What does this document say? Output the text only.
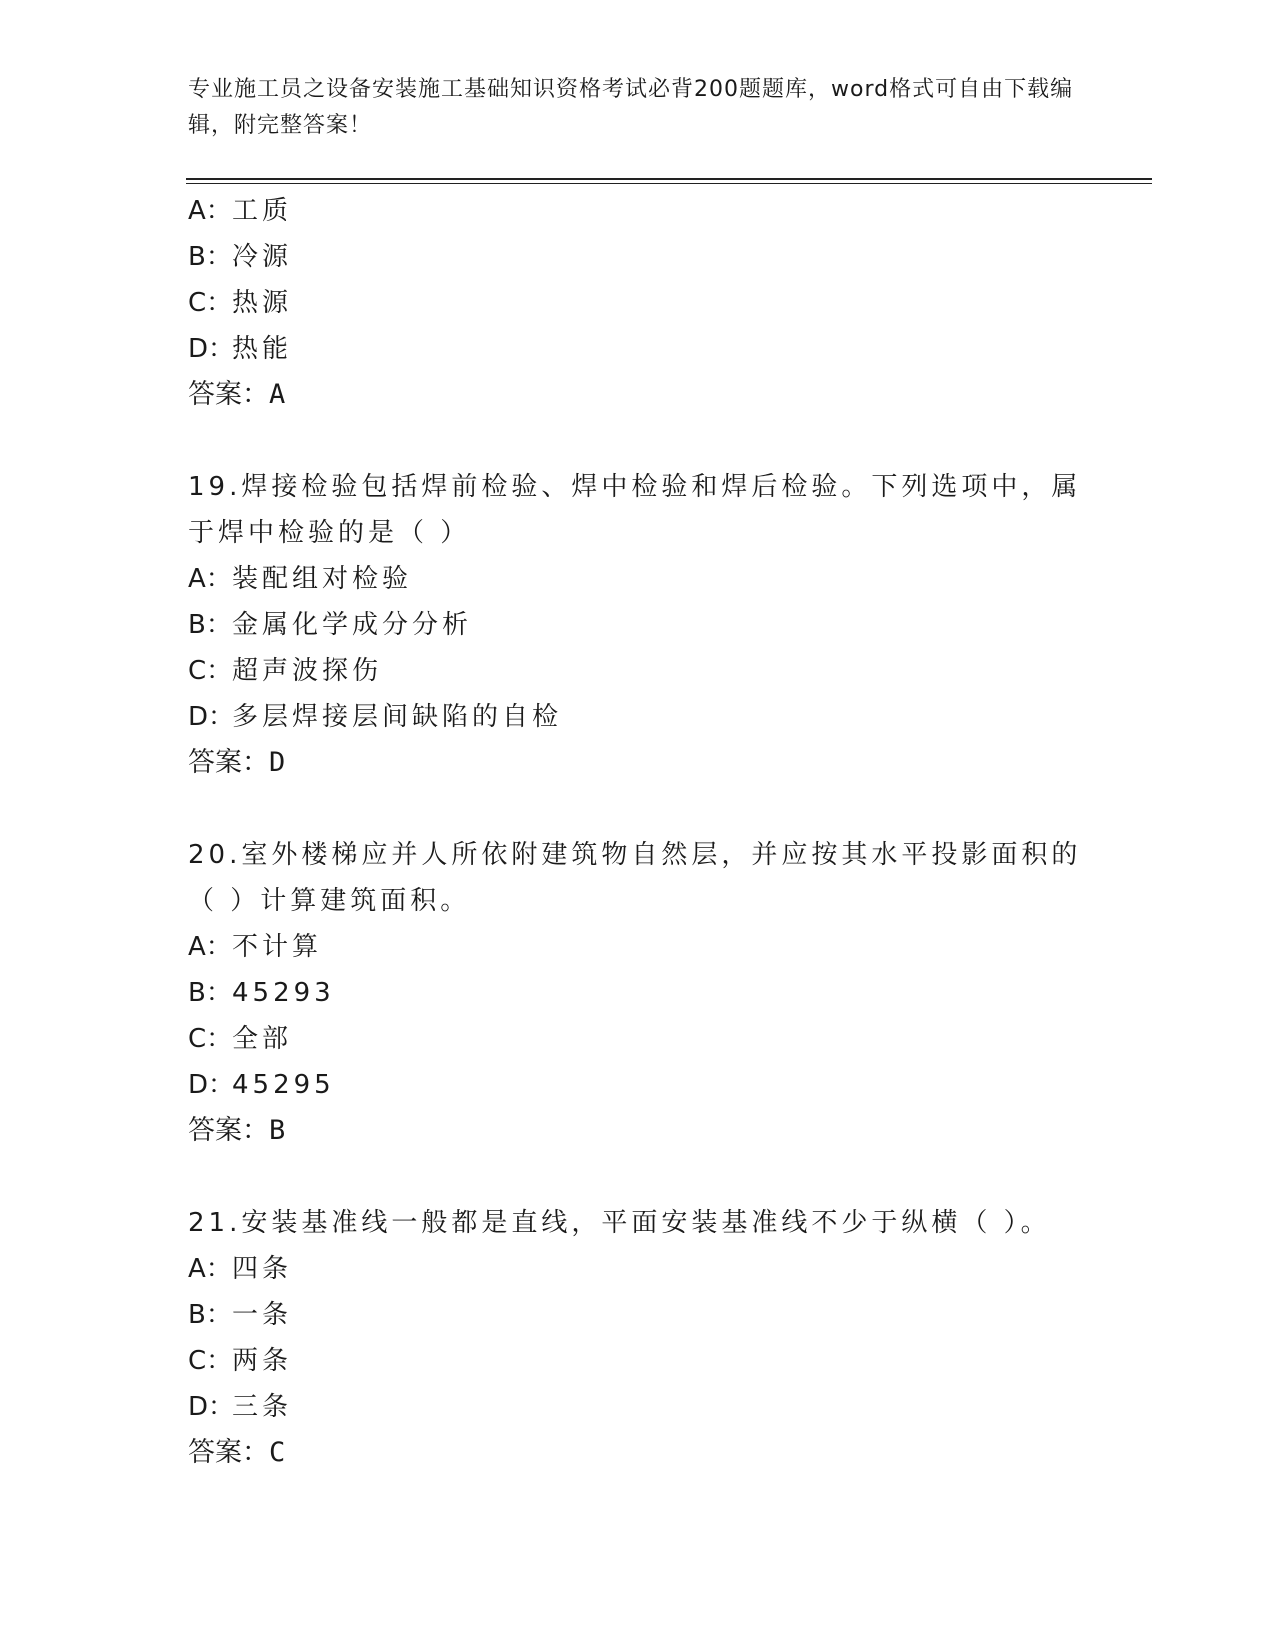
专业施工员之设备安装施工基础知识资格考试必背200题题库，word格式可自由下载编辑，附完整答案！
A：工质
B：冷源
C：热源
D：热能
答案：A
19.焊接检验包括焊前检验、焊中检验和焊后检验。下列选项中，属于焊中检验的是（ ）
A：装配组对检验
B：金属化学成分分析
C：超声波探伤
D：多层焊接层间缺陷的自检
答案：D
20.室外楼梯应并人所依附建筑物自然层，并应按其水平投影面积的（ ）计算建筑面积。
A：不计算
B：45293
C：全部
D：45295
答案：B
21.安装基准线一般都是直线，平面安装基准线不少于纵横（ ）。
A：四条
B：一条
C：两条
D：三条
答案：C
